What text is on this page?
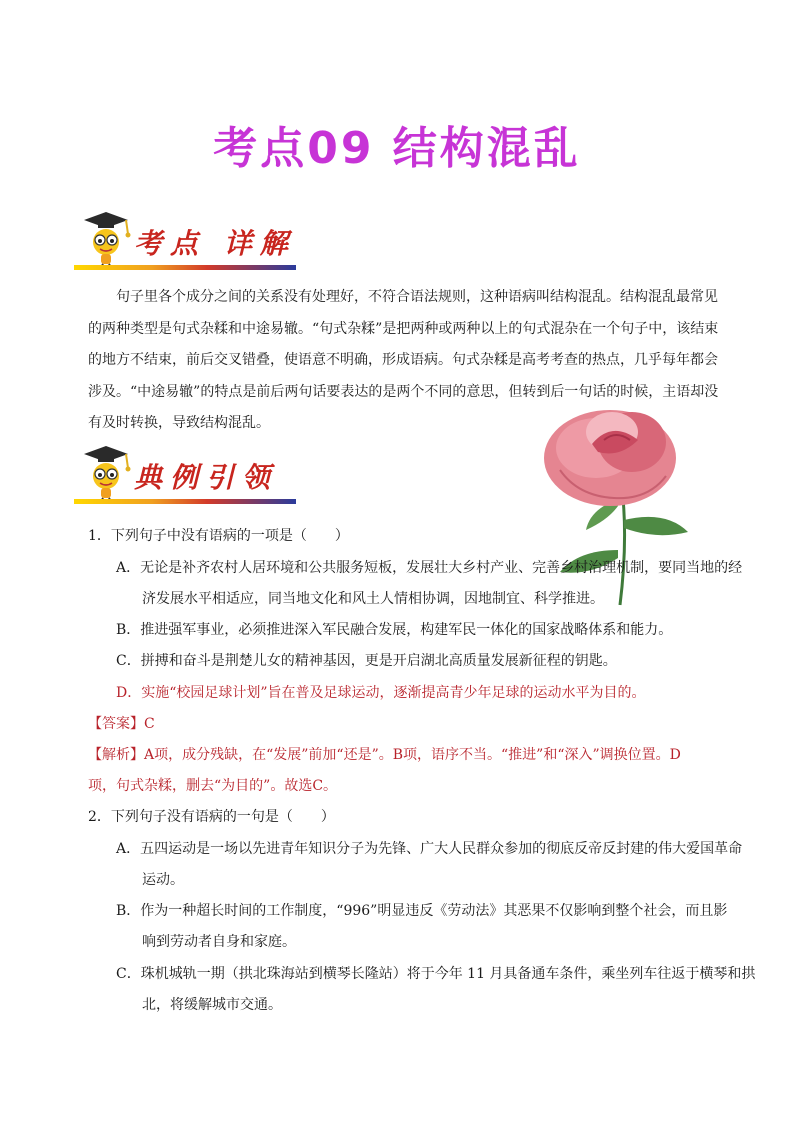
考点09 结构混乱
考点 详解

句子里各个成分之间的关系没有处理好，不符合语法规则，这种语病叫结构混乱。结构混乱最常见的两种类型是句式杂糅和中途易辙。“句式杂糅”是把两种或两种以上的句式混杂在一个句子中，该结束的地方不结束，前后交叉错叠，使语意不明确，形成语病。句式杂糅是高考考查的热点，几乎每年都会涉及。“中途易辙”的特点是前后两句话要表达的是两个不同的意思，但转到后一句话的时候，主语却没有及时转换，导致结构混乱。

典例引领
1．下列句子中没有语病的一项是（　　）
A．无论是补齐农村人居环境和公共服务短板，发展壮大乡村产业、完善乡村治理机制，要同当地的经
济发展水平相适应，同当地文化和风土人情相协调，因地制宜、科学推进。
B．推进强军事业，必须推进深入军民融合发展，构建军民一体化的国家战略体系和能力。
C．拼搏和奋斗是荆楚儿女的精神基因，更是开启湖北高质量发展新征程的钥匙。
D．实施“校园足球计划”旨在普及足球运动，逐渐提高青少年足球的运动水平为目的。
【答案】C
【解析】A项，成分残缺，在“发展”前加“还是”。B项，语序不当。“推进”和“深入”调换位置。D
项，句式杂糅，删去“为目的”。故选C。
2．下列句子没有语病的一句是（　　）
A．五四运动是一场以先进青年知识分子为先锋、广大人民群众参加的彻底反帝反封建的伟大爱国革命
运动。
B．作为一种超长时间的工作制度，“996”明显违反《劳动法》其恶果不仅影响到整个社会，而且影
响到劳动者自身和家庭。
C．珠机城轨一期（拱北珠海站到横琴长隆站）将于今年 11 月具备通车条件，乘坐列车往返于横琴和拱
北，将缓解城市交通。
